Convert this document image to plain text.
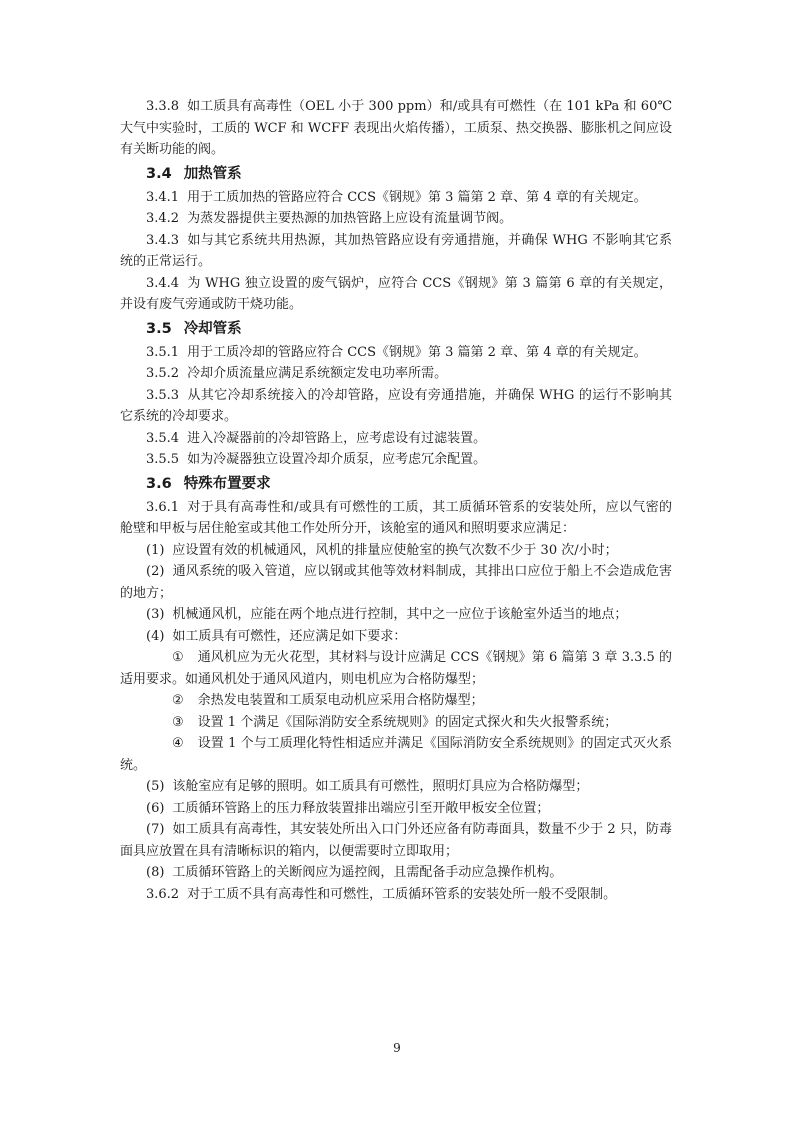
3.3.8 如工质具有高毒性（OEL 小于 300 ppm）和/或具有可燃性（在 101 kPa 和 60℃大气中实验时，工质的 WCF 和 WCFF 表现出火焰传播），工质泵、热交换器、膨胀机之间应设有关断功能的阀。

3.4 加热管系

3.4.1 用于工质加热的管路应符合 CCS《钢规》第 3 篇第 2 章、第 4 章的有关规定。

3.4.2 为蒸发器提供主要热源的加热管路上应设有流量调节阀。

3.4.3 如与其它系统共用热源，其加热管路应设有旁通措施，并确保 WHG 不影响其它系统的正常运行。

3.4.4 为 WHG 独立设置的废气锅炉，应符合 CCS《钢规》第 3 篇第 6 章的有关规定，并设有废气旁通或防干烧功能。

3.5 冷却管系

3.5.1 用于工质冷却的管路应符合 CCS《钢规》第 3 篇第 2 章、第 4 章的有关规定。

3.5.2 冷却介质流量应满足系统额定发电功率所需。

3.5.3 从其它冷却系统接入的冷却管路，应设有旁通措施，并确保 WHG 的运行不影响其它系统的冷却要求。

3.5.4 进入冷凝器前的冷却管路上，应考虑设有过滤装置。

3.5.5 如为冷凝器独立设置冷却介质泵，应考虑冗余配置。

3.6 特殊布置要求

3.6.1 对于具有高毒性和/或具有可燃性的工质，其工质循环管系的安装处所，应以气密的舱壁和甲板与居住舱室或其他工作处所分开，该舱室的通风和照明要求应满足：

(1) 应设置有效的机械通风，风机的排量应使舱室的换气次数不少于 30 次/小时；

(2) 通风系统的吸入管道，应以钢或其他等效材料制成，其排出口应位于船上不会造成危害的地方；

(3) 机械通风机，应能在两个地点进行控制，其中之一应位于该舱室外适当的地点；

(4) 如工质具有可燃性，还应满足如下要求：

① 通风机应为无火花型，其材料与设计应满足 CCS《钢规》第 6 篇第 3 章 3.3.5 的适用要求。如通风机处于通风风道内，则电机应为合格防爆型；

② 余热发电装置和工质泵电动机应采用合格防爆型；

③ 设置 1 个满足《国际消防安全系统规则》的固定式探火和失火报警系统；

④ 设置 1 个与工质理化特性相适应并满足《国际消防安全系统规则》的固定式灭火系统。

(5) 该舱室应有足够的照明。如工质具有可燃性，照明灯具应为合格防爆型；

(6) 工质循环管路上的压力释放装置排出端应引至开敞甲板安全位置；

(7) 如工质具有高毒性，其安装处所出入口门外还应备有防毒面具，数量不少于 2 只，防毒面具应放置在具有清晰标识的箱内，以便需要时立即取用；

(8) 工质循环管路上的关断阀应为遥控阀，且需配备手动应急操作机构。

3.6.2 对于工质不具有高毒性和可燃性，工质循环管系的安装处所一般不受限制。

9
